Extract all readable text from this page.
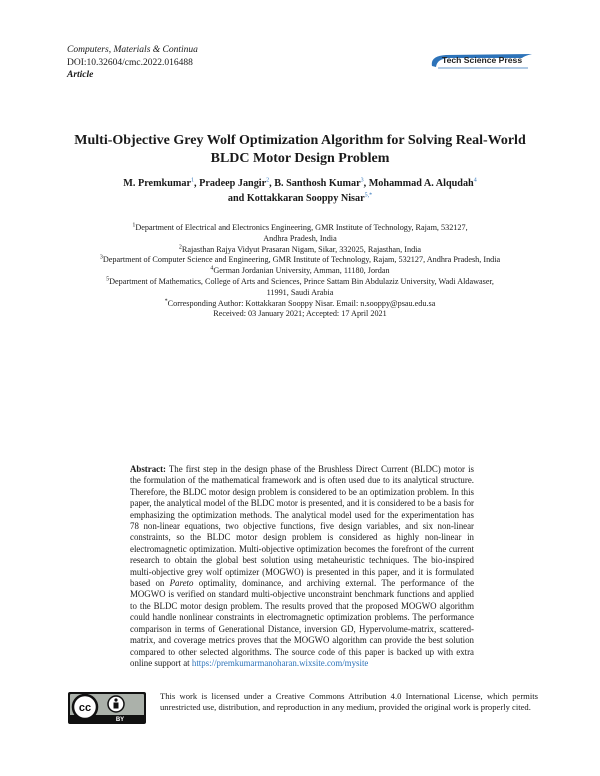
Computers, Materials & Continua
DOI:10.32604/cmc.2022.016488
Article
Tech Science Press
Multi-Objective Grey Wolf Optimization Algorithm for Solving Real-World
BLDC Motor Design Problem
M. Premkumar$^1$, Pradeep Jangir$^2$, B. Santhosh Kumar$^3$, Mohammad A. Alqudah$^4$
and Kottakkaran Sooppy Nisar$^{5,*}$
$^1$Department of Electrical and Electronics Engineering, GMR Institute of Technology, Rajam, 532127,
Andhra Pradesh, India
$^2$Rajasthan Rajya Vidyut Prasaran Nigam, Sikar, 332025, Rajasthan, India
$^3$Department of Computer Science and Engineering, GMR Institute of Technology, Rajam, 532127, Andhra Pradesh, India
$^4$German Jordanian University, Amman, 11180, Jordan
$^5$Department of Mathematics, College of Arts and Sciences, Prince Sattam Bin Abdulaziz University, Wadi Aldawaser,
11991, Saudi Arabia
*Corresponding Author: Kottakkaran Sooppy Nisar. Email: n.sooppy@psau.edu.sa
Received: 03 January 2021; Accepted: 17 April 2021
Abstract: The first step in the design phase of the Brushless Direct Current (BLDC) motor is the formulation of the mathematical framework and is often used due to its analytical structure. Therefore, the BLDC motor design problem is considered to be an optimization problem. In this paper, the analytical model of the BLDC motor is presented, and it is considered to be a basis for emphasizing the optimization methods. The analytical model used for the experimentation has 78 non-linear equations, two objective functions, five design variables, and six non-linear constraints, so the BLDC motor design problem is considered as highly non-linear in electromagnetic optimization. Multi-objective optimization becomes the forefront of the current research to obtain the global best solution using metaheuristic techniques. The bio-inspired multi-objective grey wolf optimizer (MOGWO) is presented in this paper, and it is formulated based on Pareto optimality, dominance, and archiving external. The performance of the MOGWO is verified on standard multi-objective unconstraint benchmark functions and applied to the BLDC motor design problem. The results proved that the proposed MOGWO algorithm could handle nonlinear constraints in electromagnetic optimization problems. The performance comparison in terms of Generational Distance, inversion GD, Hypervolume-matrix, scattered-matrix, and coverage metrics proves that the MOGWO algorithm can provide the best solution compared to other selected algorithms. The source code of this paper is backed up with extra online support at https://premkumarmanoharan.wixsite.com/mysite
cc
BY
This work is licensed under a Creative Commons Attribution 4.0 International License, which permits unrestricted use, distribution, and reproduction in any medium, provided the original work is properly cited.
